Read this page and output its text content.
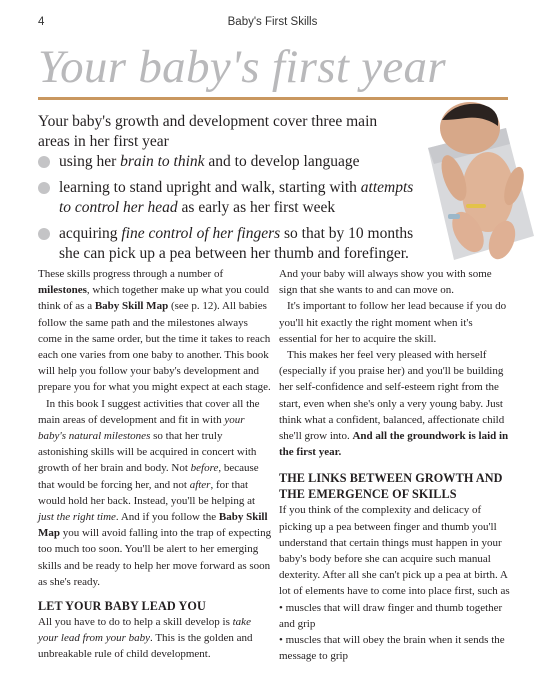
4	Baby's First Skills
Your baby's first year

Your baby's growth and development cover three main areas in her first year

using her brain to think and to develop language
learning to stand upright and walk, starting with attempts to control her head as early as her first week
acquiring fine control of her fingers so that by 10 months she can pick up a pea between her thumb and forefinger.

These skills progress through a number of milestones, which together make up what you could think of as a Baby Skill Map (see p. 12). All babies follow the same path and the milestones always come in the same order, but the time it takes to reach each one varies from one baby to another. This book will help you follow your baby's development and prepare you for what you might expect at each stage.

In this book I suggest activities that cover all the main areas of development and fit in with your baby's natural milestones so that her truly astonishing skills will be acquired in concert with growth of her brain and body. Not before, because that would be forcing her, and not after, for that would hold her back. Instead, you'll be helping at just the right time. And if you follow the Baby Skill Map you will avoid falling into the trap of expecting too much too soon. You'll be alert to her emerging skills and be ready to help her move forward as soon as she's ready.

LET YOUR BABY LEAD YOU

All you have to do to help a skill develop is take your lead from your baby. This is the golden and unbreakable rule of child development.

And your baby will always show you with some sign that she wants to and can move on.

It's important to follow her lead because if you do you'll hit exactly the right moment when it's essential for her to acquire the skill.

This makes her feel very pleased with herself (especially if you praise her) and you'll be building her self-confidence and self-esteem right from the start, even when she's only a very young baby. Just think what a confident, balanced, affectionate child she'll grow into. And all the groundwork is laid in the first year.

THE LINKS BETWEEN GROWTH AND THE EMERGENCE OF SKILLS

If you think of the complexity and delicacy of picking up a pea between finger and thumb you'll understand that certain things must happen in your baby's body before she can acquire such manual dexterity. After all she can't pick up a pea at birth. A lot of elements have to come into place first, such as

• muscles that will draw finger and thumb together and grip

• muscles that will obey the brain when it sends the message to grip
